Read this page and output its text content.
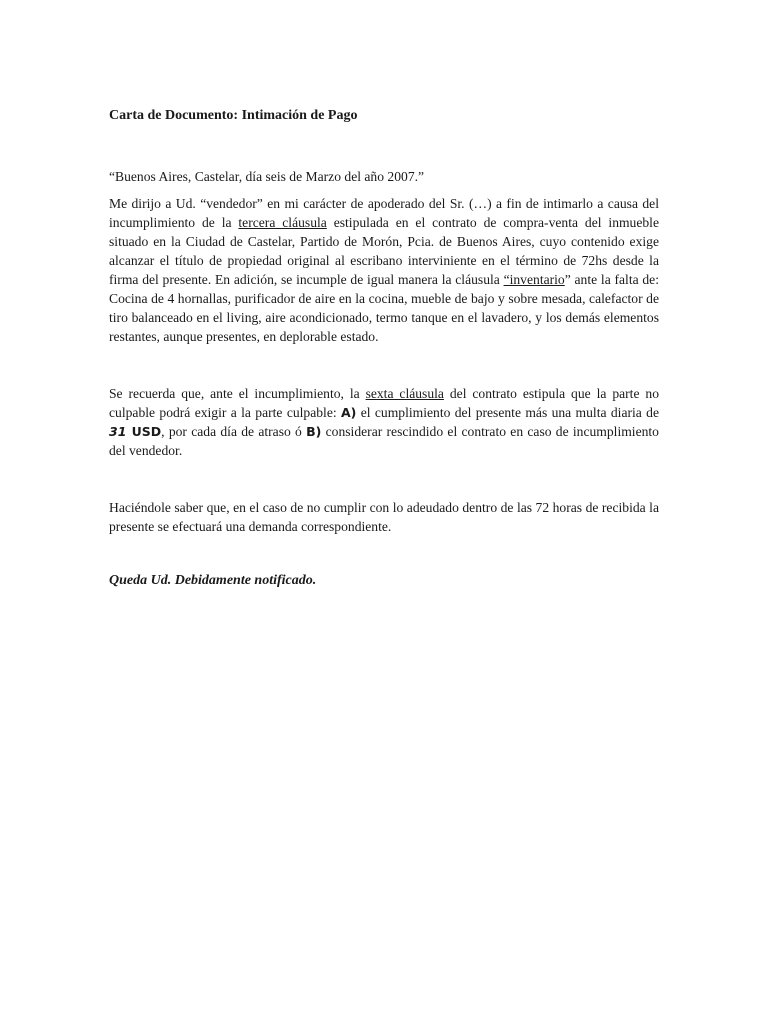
Carta de Documento: Intimación de Pago

“Buenos Aires, Castelar, día seis de Marzo del año 2007.”

Me dirijo a Ud. “vendedor” en mi carácter de apoderado del Sr. (…) a fin de intimarlo a causa del incumplimiento de la tercera cláusula estipulada en el contrato de compra-venta del inmueble situado en la Ciudad de Castelar, Partido de Morón, Pcia. de Buenos Aires, cuyo contenido exige alcanzar el título de propiedad original al escribano interviniente en el término de 72hs desde la firma del presente. En adición, se incumple de igual manera la cláusula “inventario” ante la falta de: Cocina de 4 hornallas, purificador de aire en la cocina, mueble de bajo y sobre mesada, calefactor de tiro balanceado en el living, aire acondicionado, termo tanque en el lavadero, y los demás elementos restantes, aunque presentes, en deplorable estado.

Se recuerda que, ante el incumplimiento, la sexta cláusula del contrato estipula que la parte no culpable podrá exigir a la parte culpable: A) el cumplimiento del presente más una multa diaria de 31 USD, por cada día de atraso ó B) considerar rescindido el contrato en caso de incumplimiento del vendedor.

Haciéndole saber que, en el caso de no cumplir con lo adeudado dentro de las 72 horas de recibida la presente se efectuará una demanda correspondiente.

Queda Ud. Debidamente notificado.
